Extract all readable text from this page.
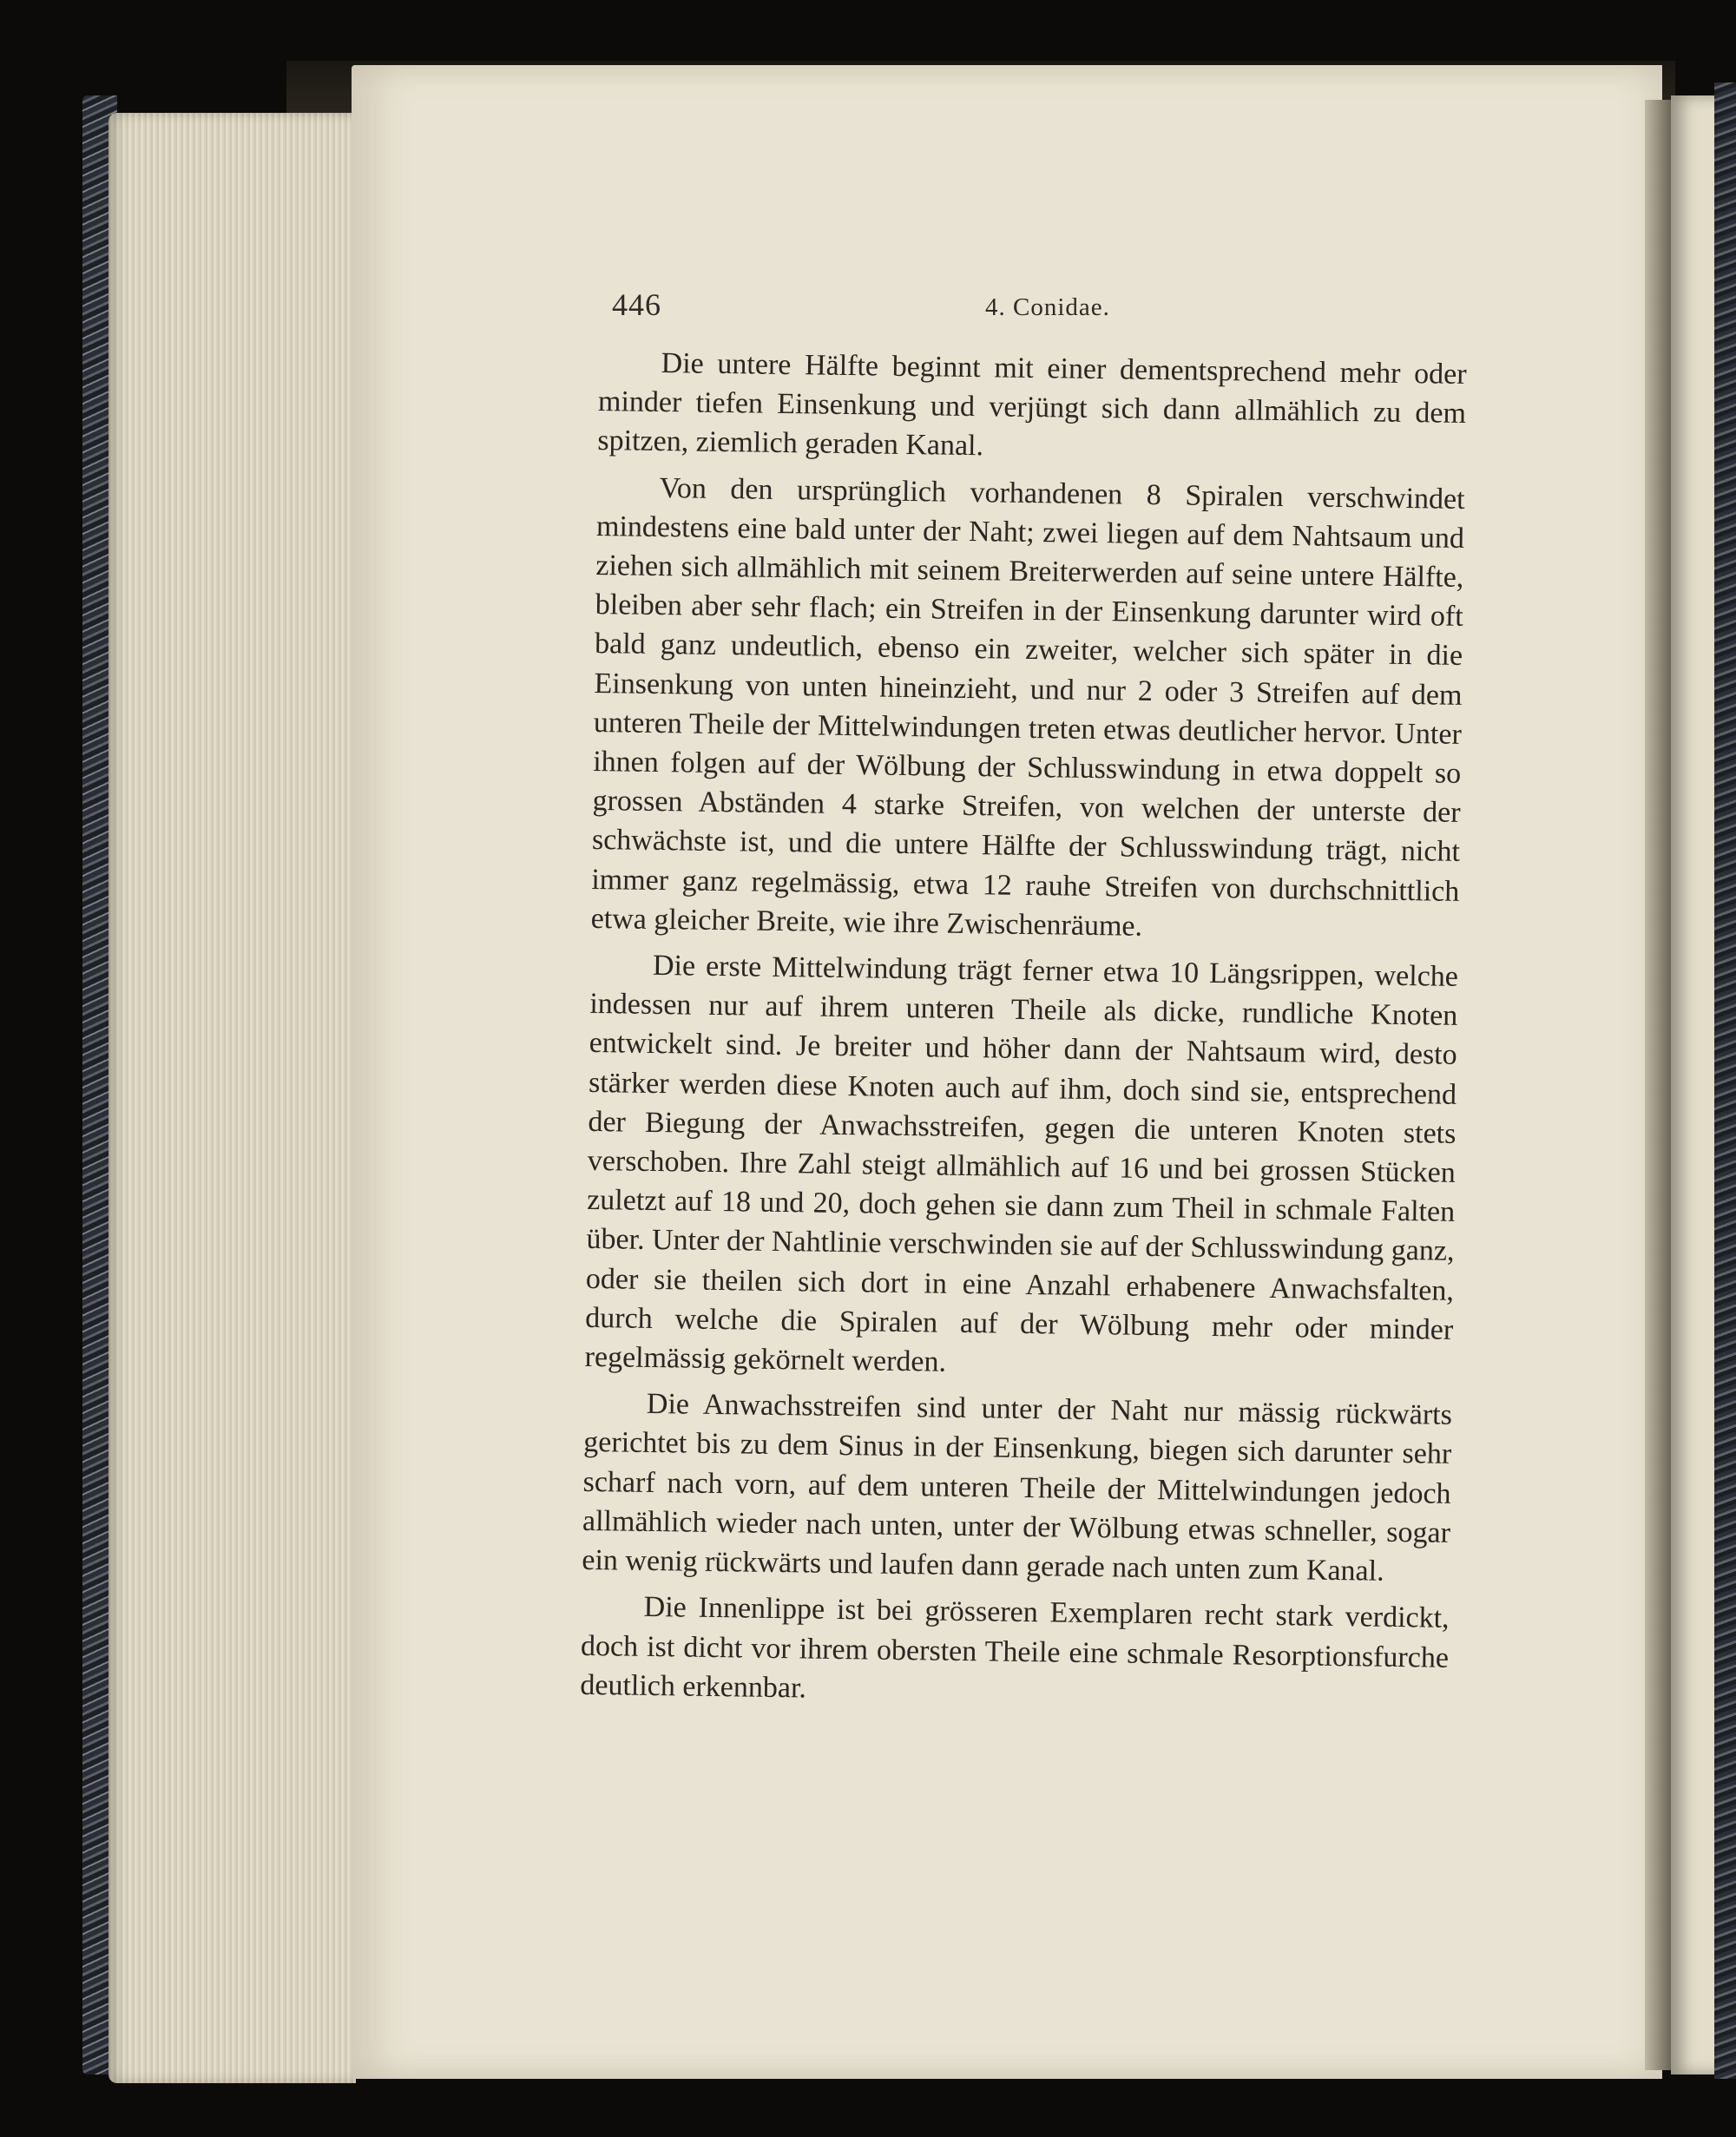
446	4. Conidae.

Die untere Hälfte beginnt mit einer dementsprechend mehr oder minder tiefen Einsenkung und verjüngt sich dann allmählich zu dem spitzen, ziemlich geraden Kanal.

Von den ursprünglich vorhandenen 8 Spiralen verschwindet mindestens eine bald unter der Naht; zwei liegen auf dem Nahtsaum und ziehen sich allmählich mit seinem Breiterwerden auf seine untere Hälfte, bleiben aber sehr flach; ein Streifen in der Einsenkung darunter wird oft bald ganz undeutlich, ebenso ein zweiter, welcher sich später in die Einsenkung von unten hineinzieht, und nur 2 oder 3 Streifen auf dem unteren Theile der Mittelwindungen treten etwas deutlicher hervor. Unter ihnen folgen auf der Wölbung der Schlusswindung in etwa doppelt so grossen Abständen 4 starke Streifen, von welchen der unterste der schwächste ist, und die untere Hälfte der Schlusswindung trägt, nicht immer ganz regelmässig, etwa 12 rauhe Streifen von durchschnittlich etwa gleicher Breite, wie ihre Zwischenräume.

Die erste Mittelwindung trägt ferner etwa 10 Längsrippen, welche indessen nur auf ihrem unteren Theile als dicke, rundliche Knoten entwickelt sind. Je breiter und höher dann der Nahtsaum wird, desto stärker werden diese Knoten auch auf ihm, doch sind sie, entsprechend der Biegung der Anwachsstreifen, gegen die unteren Knoten stets verschoben. Ihre Zahl steigt allmählich auf 16 und bei grossen Stücken zuletzt auf 18 und 20, doch gehen sie dann zum Theil in schmale Falten über. Unter der Nahtlinie verschwinden sie auf der Schlusswindung ganz, oder sie theilen sich dort in eine Anzahl erhabenere Anwachsfalten, durch welche die Spiralen auf der Wölbung mehr oder minder regelmässig gekörnelt werden.

Die Anwachsstreifen sind unter der Naht nur mässig rückwärts gerichtet bis zu dem Sinus in der Einsenkung, biegen sich darunter sehr scharf nach vorn, auf dem unteren Theile der Mittelwindungen jedoch allmählich wieder nach unten, unter der Wölbung etwas schneller, sogar ein wenig rückwärts und laufen dann gerade nach unten zum Kanal.

Die Innenlippe ist bei grösseren Exemplaren recht stark verdickt, doch ist dicht vor ihrem obersten Theile eine schmale Resorptionsfurche deutlich erkennbar.
